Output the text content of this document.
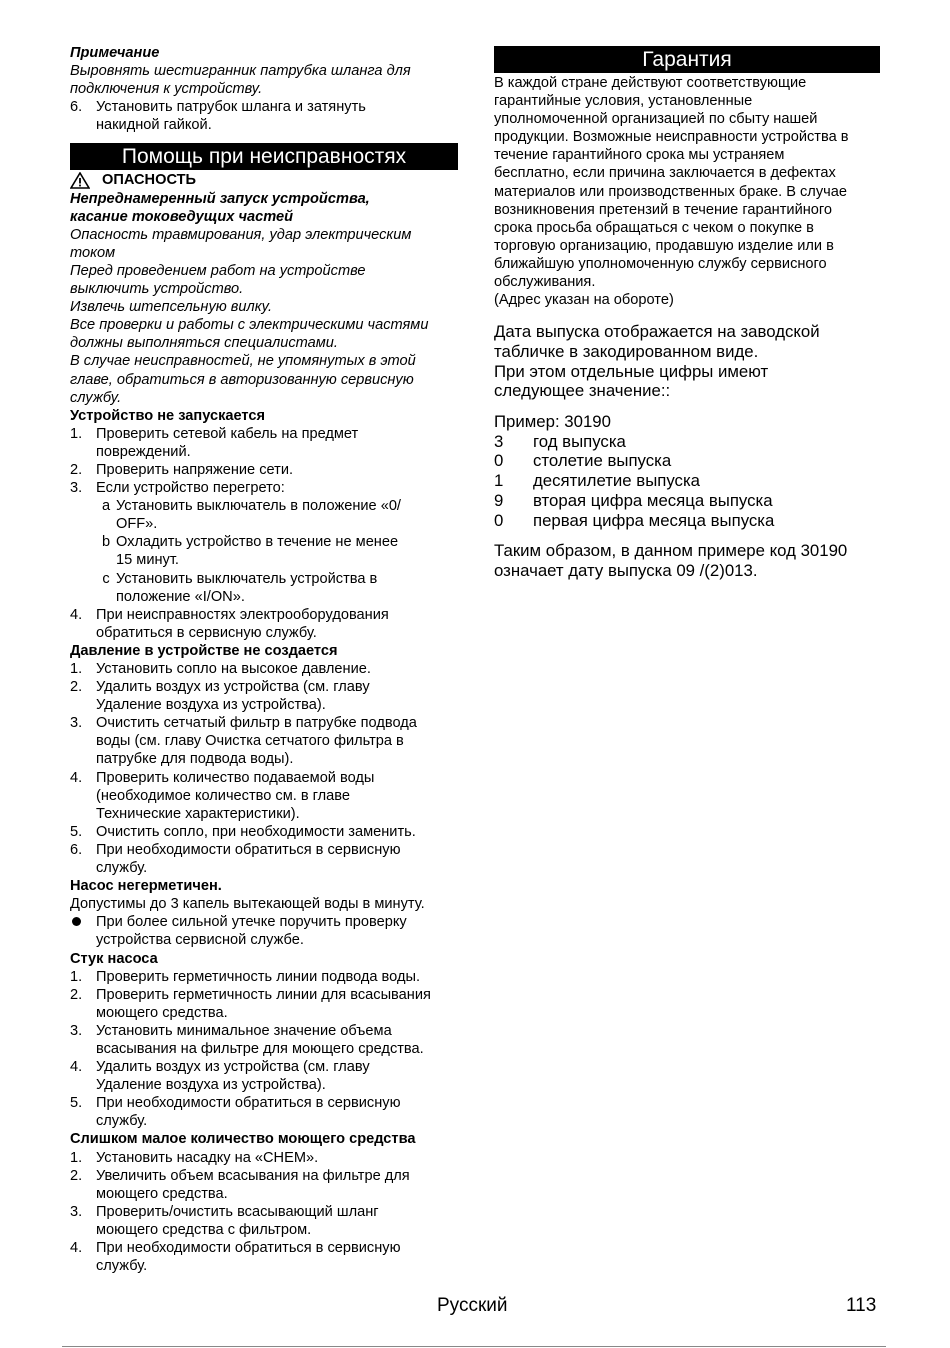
Примечание
Выровнять шестигранник патрубка шланга для
подключения к устройству.
6. Установить патрубок шланга и затянуть
накидной гайкой.
Помощь при неисправностях
ОПАСНОСТЬ
Непреднамеренный запуск устройства,
касание токоведущих частей
Опасность травмирования, удар электрическим
током
Перед проведением работ на устройстве
выключить устройство.
Извлечь штепсельную вилку.
Все проверки и работы с электрическими частями
должны выполняться специалистами.
В случае неисправностей, не упомянутых в этой
главе, обратиться в авторизованную сервисную
службу.
Устройство не запускается
1. Проверить сетевой кабель на предмет
повреждений.
2. Проверить напряжение сети.
3. Если устройство перегрето:
a Установить выключатель в положение «0/
OFF».
b Охладить устройство в течение не менее
15 минут.
c Установить выключатель устройства в
положение «I/ON».
4. При неисправностях электрооборудования
обратиться в сервисную службу.
Давление в устройстве не создается
1. Установить сопло на высокое давление.
2. Удалить воздух из устройства (см. главу
Удаление воздуха из устройства).
3. Очистить сетчатый фильтр в патрубке подвода
воды (см. главу Очистка сетчатого фильтра в
патрубке для подвода воды).
4. Проверить количество подаваемой воды
(необходимое количество см. в главе
Технические характеристики).
5. Очистить сопло, при необходимости заменить.
6. При необходимости обратиться в сервисную
службу.
Насос негерметичен.
Допустимы до 3 капель вытекающей воды в минуту.
При более сильной утечке поручить проверку
устройства сервисной службе.
Стук насоса
1. Проверить герметичность линии подвода воды.
2. Проверить герметичность линии для всасывания
моющего средства.
3. Установить минимальное значение объема
всасывания на фильтре для моющего средства.
4. Удалить воздух из устройства (см. главу
Удаление воздуха из устройства).
5. При необходимости обратиться в сервисную
службу.
Слишком малое количество моющего средства
1. Установить насадку на «CHEM».
2. Увеличить объем всасывания на фильтре для
моющего средства.
3. Проверить/очистить всасывающий шланг
моющего средства с фильтром.
4. При необходимости обратиться в сервисную
службу.
Гарантия
В каждой стране действуют соответствующие
гарантийные условия, установленные
уполномоченной организацией по сбыту нашей
продукции. Возможные неисправности устройства в
течение гарантийного срока мы устраняем
бесплатно, если причина заключается в дефектах
материалов или производственных браке. В случае
возникновения претензий в течение гарантийного
срока просьба обращаться с чеком о покупке в
торговую организацию, продавшую изделие или в
ближайшую уполномоченную службу сервисного
обслуживания.
(Адрес указан на обороте)
Дата выпуска отображается на заводской
табличке в закодированном виде.
При этом отдельные цифры имеют
следующее значение::
Пример: 30190
3	год выпуска
0	столетие выпуска
1	десятилетие выпуска
9	вторая цифра месяца выпуска
0	первая цифра месяца выпуска
Таким образом, в данном примере код 30190
означает дату выпуска 09 /(2)013.
Русский	113
